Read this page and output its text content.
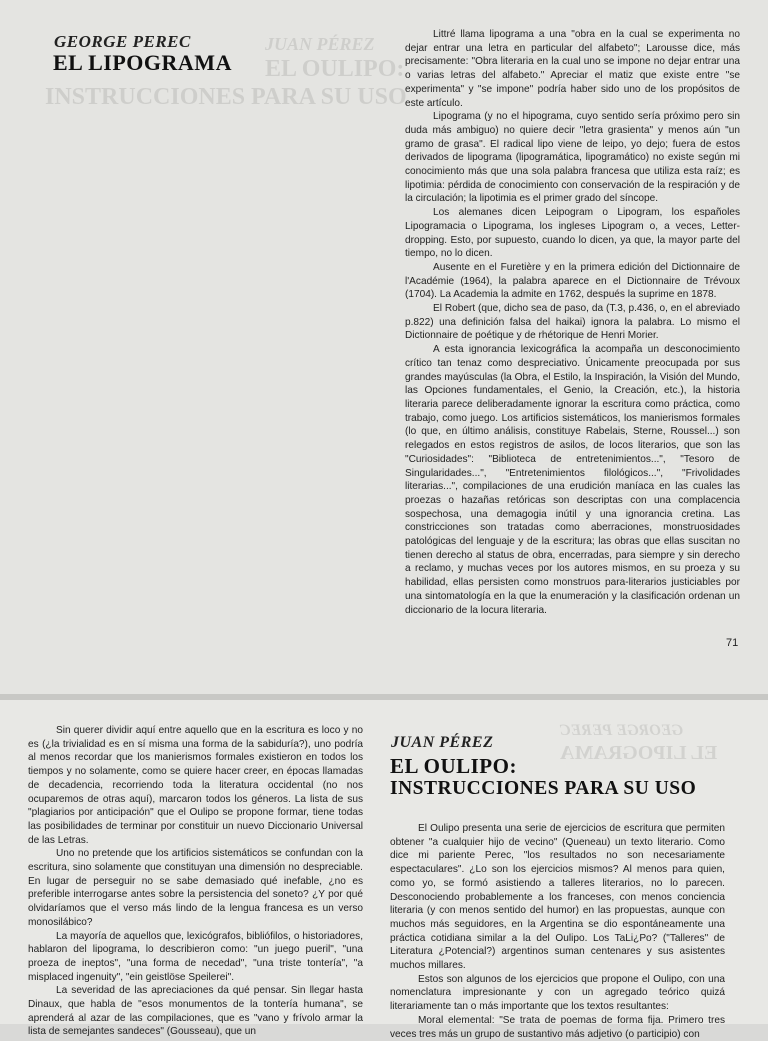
JUAN PÉREZ
EL OULIPO:
INSTRUCCIONES PARA SU USO
GEORGE PEREC
EL LIPOGRAMA

Littré llama lipograma a una "obra en la cual se experimenta no dejar entrar una letra en particular del alfabeto"; Larousse dice, más precisamente: "Obra literaria en la cual uno se impone no dejar entrar una o varias letras del alfabeto." Apreciar el matiz que existe entre "se experimenta" y "se impone" podría haber sido uno de los propósitos de este artículo.

Lipograma (y no el hipograma, cuyo sentido sería próximo pero sin duda más ambiguo) no quiere decir "letra grasienta" y menos aún "un gramo de grasa". El radical lipo viene de leipo, yo dejo; fuera de estos derivados de lipograma (lipogramática, lipogramático) no existe según mi conocimiento más que una sola palabra francesa que utiliza esta raíz; es lipotimia: pérdida de conocimiento con conservación de la respiración y de la circulación; la lipotimia es el primer grado del síncope.

Los alemanes dicen Leipogram o Lipogram, los españoles Lipogramacia o Lipograma, los ingleses Lipogram o, a veces, Letter-dropping. Esto, por supuesto, cuando lo dicen, ya que, la mayor parte del tiempo, no lo dicen.

Ausente en el Furetière y en la primera edición del Dictionnaire de l'Académie (1964), la palabra aparece en el Dictionnaire de Trévoux (1704). La Academia la admite en 1762, después la suprime en 1878.

El Robert (que, dicho sea de paso, da (T.3, p.436, o, en el abreviado p.822) una definición falsa del haikai) ignora la palabra. Lo mismo el Dictionnaire de poétique y de rhétorique de Henri Morier.

A esta ignorancia lexicográfica la acompaña un desconocimiento crítico tan tenaz como despreciativo. Únicamente preocupada por sus grandes mayúsculas (la Obra, el Estilo, la Inspiración, la Visión del Mundo, las Opciones fundamentales, el Genio, la Creación, etc.), la historia literaria parece deliberadamente ignorar la escritura como práctica, como trabajo, como juego. Los artificios sistemáticos, los manierismos formales (lo que, en último análisis, constituye Rabelais, Sterne, Roussel...) son relegados en estos registros de asilos, de locos literarios, que son las "Curiosidades": "Biblioteca de entretenimientos...", "Tesoro de Singularidades...", "Entretenimientos filológicos...", "Frivolidades literarias...", compilaciones de una erudición maníaca en las cuales las proezas o hazañas retóricas son descriptas con una complacencia sospechosa, una demagogia inútil y una ignorancia cretina. Las constricciones son tratadas como aberraciones, monstruosidades patológicas del lenguaje y de la escritura; las obras que ellas suscitan no tienen derecho al status de obra, encerradas, para siempre y sin derecho a reclamo, y muchas veces por los autores mismos, en su proeza y su habilidad, ellas persisten como monstruos para-literarios justiciables por una sintomatología en la que la enumeración y la clasificación ordenan un diccionario de la locura literaria.

71
GEORGE PEREC
EL LIPOGRAMA

Sin querer dividir aquí entre aquello que en la escritura es loco y no es (¿la trivialidad es en sí misma una forma de la sabiduría?), uno podría al menos recordar que los manierismos formales existieron en todos los tiempos y no solamente, como se quiere hacer creer, en épocas llamadas de decadencia, recorriendo toda la literatura occidental (no nos ocuparemos de otras aquí), marcaron todos los géneros. La lista de sus "plagiarios por anticipación" que el Oulipo se propone formar, tiene todas las posibilidades de terminar por constituir un nuevo Diccionario Universal de las Letras.

Uno no pretende que los artificios sistemáticos se confundan con la escritura, sino solamente que constituyan una dimensión no despreciable. En lugar de perseguir no se sabe demasiado qué inefable, ¿no es preferible interrogarse antes sobre la persistencia del soneto? ¿Y por qué olvidaríamos que el verso más lindo de la lengua francesa es un verso monosilábico?

La mayoría de aquellos que, lexicógrafos, bibliófilos, o historiadores, hablaron del lipograma, lo describieron como: "un juego pueril", "una proeza de ineptos", "una forma de necedad", "una triste tontería", "a misplaced ingenuity", "ein geistlöse Speilerei".

La severidad de las apreciaciones da qué pensar. Sin llegar hasta Dinaux, que habla de "esos monumentos de la tontería humana", se aprenderá al azar de las compilaciones, que es "vano y frívolo armar la lista de semejantes sandeces" (Gousseau), que un

JUAN PÉREZ
EL OULIPO:
INSTRUCCIONES PARA SU USO

El Oulipo presenta una serie de ejercicios de escritura que permiten obtener "a cualquier hijo de vecino" (Queneau) un texto literario. Como dice mi pariente Perec, "los resultados no son necesariamente espectaculares". ¿Lo son los ejercicios mismos? Al menos para quien, como yo, se formó asistiendo a talleres literarios, no lo parecen. Desconociendo probablemente a los franceses, con menos conciencia literaria (y con menos sentido del humor) en las propuestas, aunque con muchos más seguidores, en la Argentina se dio espontáneamente una práctica cotidiana similar a la del Oulipo. Los TaLi¿Po? ("Talleres" de Literatura ¿Potencial?) argentinos suman centenares y sus asistentes muchos millares.

Estos son algunos de los ejercicios que propone el Oulipo, con una nomenclatura impresionante y con un agregado teórico quizá literariamente tan o más importante que los textos resultantes:

Moral elemental: "Se trata de poemas de forma fija. Primero tres veces tres más un grupo de sustantivo más adjetivo (o participio) con
